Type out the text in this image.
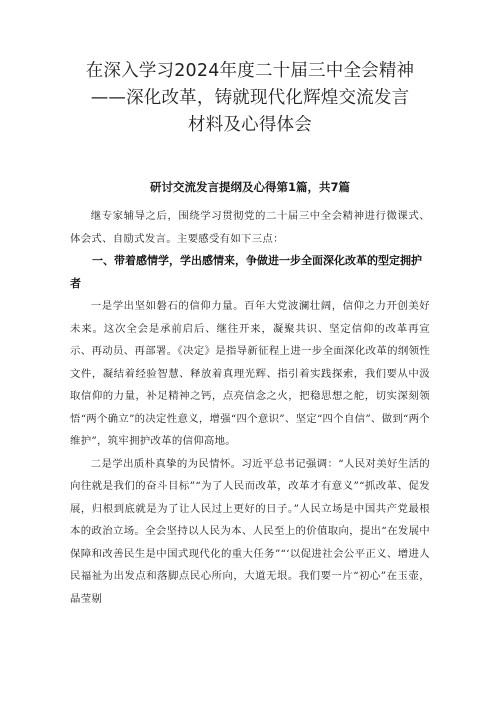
在深入学习2024年度二十届三中全会精神
——深化改革，铸就现代化辉煌交流发言
材料及心得体会
研讨交流发言提纲及心得第1篇，共7篇

继专家辅导之后，围绕学习贯彻党的二十届三中全会精神进行微课式、体会式、自励式发言。主要感受有如下三点：

一、带着感情学，学出感情来，争做进一步全面深化改革的型定拥护者

一是学出坚如磐石的信仰力量。百年大党波澜壮阔，信仰之力开创美好未来。这次全会是承前启后、继往开来，凝聚共识、坚定信仰的改革再宣示、再动员、再部署。《决定》是指导新征程上进一步全面深化改革的纲领性文件，凝结着经验智慧、释放着真理光辉、指引着实践探索，我们要从中汲取信仰的力量，补足精神之钙，点亮信念之火，把稳思想之舵，切实深刻领悟“两个确立”的决定性意义，增强“四个意识”、坚定“四个自信”、做到“两个维护”，筑牢拥护改革的信仰高地。

二是学出质朴真挚的为民情怀。习近平总书记强调：“人民对美好生活的向往就是我们的奋斗目标”“为了人民而改革，改革才有意义”“抓改革、促发展，归根到底就是为了让人民过上更好的日子。”人民立场是中国共产党最根本的政治立场。全会坚持以人民为本、人民至上的价值取向，提出“在发展中保障和改善民生是中国式现代化的重大任务”“‘以促进社会公平正义、增进人民福祉为出发点和落脚点民心所向，大道无垠。我们要一片“初心”在玉壶，晶莹剔
